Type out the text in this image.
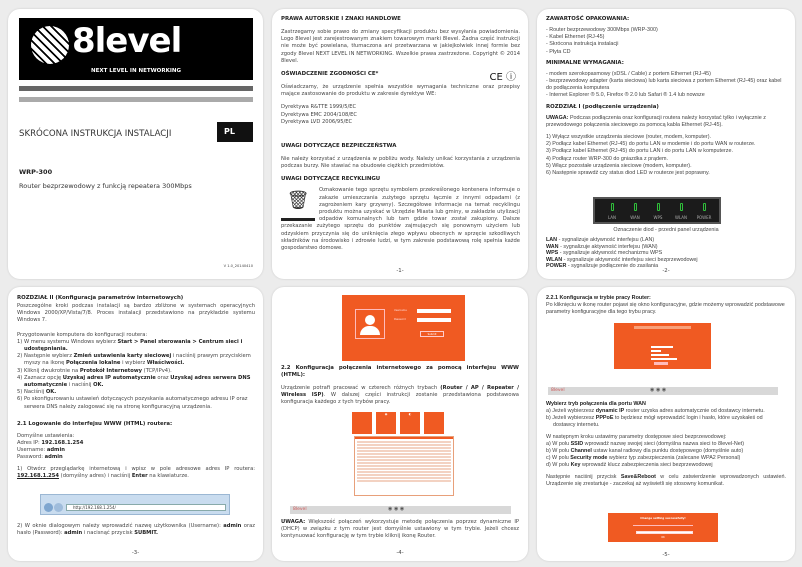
8level
NEXT LEVEL IN NETWORKING
SKRÓCONA INSTRUKCJA INSTALACJI	PL
WRP-300
Router bezprzewodowy z funkcją repeatera 300Mbps
V 1.0_20140410
PRAWA AUTORSKIE I ZNAKI HANDLOWE
Zastrzegamy sobie prawo do zmiany specyfikacji produktu bez wysyłania powiadomienia. Logo 8level jest zarejestrowanym znakiem towarowym marki 8level. Żadna część instrukcji nie może być powielana, tłumaczona ani przetwarzana w jakiejkolwiek innej formie bez zgody 8level NEXT LEVEL IN NETWORKING. Wszelkie prawa zastrzeżone. Copyright © 2014 8level.
OŚWIADCZENIE ZGODNOŚCI CE*	CE ⓘ
Oświadczamy, że urządzenie spełnia wszystkie wymagania techniczne oraz przepisy mające zastosowanie do produktu w zakresie dyrektyw WE:
Dyrektywa R&TTE 1999/5/EC
Dyrektywa EMC 2004/108/EC
Dyrektywa LVD 2006/95/EC
UWAGI DOTYCZĄCE BEZPIECZEŃSTWA
Nie należy korzystać z urządzenia w pobliżu wody. Należy unikać korzystania z urządzenia podczas burzy. Nie stawiać na obudowie ciężkich przedmiotów.
UWAGI DOTYCZĄCE RECYKLINGU
🗑	Oznakowanie tego sprzętu symbolem przekreślonego kontenera informuje o zakazie umieszczania zużytego sprzętu łącznie z innymi odpadami (z zagrożeniem kary grzywny). Szczegółowe informacje na temat recyklingu produktu można uzyskać w Urzędzie Miasta lub gminy, w zakładzie utylizacji odpadów komunalnych lub tam gdzie towar został zakupiony. Dalsze przekazanie zużytego sprzętu do punktów zajmujących się ponownym użyciem lub odzyskiem przyczynia się do uniknięcia złego wpływu obecnych w sprzęcie szkodliwych składników na środowisko i zdrowie ludzi, w tym zakresie podstawową rolę spełnia każde gospodarstwo domowe.
-1-
ZAWARTOŚĆ OPAKOWANIA:
- Router bezprzewodowy 300Mbps (WRP-300)
- Kabel Ethernet (RJ-45)
- Skrócona instrukcja instalacji
- Płyta CD
MINIMALNE WYMAGANIA:
- modem szerokopasmowy (xDSL / Cable) z portem Ethernet (RJ-45)
- bezprzewodowy adapter (karta sieciowa) lub karta sieciowa z portem Ethernet (RJ-45) oraz kabel do podłączenia komputera
- Internet Explorer ® 5.0, Firefox ® 2.0 lub Safari ® 1.4 lub nowsze
ROZDZIAŁ I (podłączenie urządzenia)
UWAGA: Podczas podłączenia oraz konfiguracji routera należy korzystać tylko i wyłącznie z przewodowego połączenia sieciowego za pomocą kabla Ethernet (RJ-45).
1) Wyłącz wszystkie urządzenia sieciowe (router, modem, komputer).
2) Podłącz kabel Ethernet (RJ-45) do portu LAN w modemie i do portu WAN w routerze.
3) Podłącz kabel Ethernet (RJ-45) do portu LAN i do portu LAN w komputerze.
4) Podłącz router WRP-300 do gniazdka z prądem.
5) Włącz pozostałe urządzenia sieciowe (modem, komputer).
6) Następnie sprawdź czy status diod LED w routerze jest poprawny.
LAN	WAN	WPS	WLAN	POWER
Oznaczenie diod - przedni panel urządzenia
LAN - sygnalizuje aktywność interfejsu (LAN)
WAN - sygnalizuje aktywność interfejsu (WAN)
WPS - sygnalizuje aktywność mechanizmu WPS
WLAN - sygnalizuje aktywność interfejsu sieci bezprzewodowej
POWER - sygnalizuje podłączenie do zasilania
-2-
ROZDZIAŁ II (Konfiguracja parametrów internetowych)
Poszczególne kroki podczas instalacji są bardzo zbliżone w systemach operacyjnych Windows 2000/XP/Vista/7/8. Proces instalacji przedstawiono na przykładzie systemu Windows 7.
Przygotowanie komputera do konfiguracji routera:
1) W menu systemu Windows wybierz Start > Panel sterowania > Centrum sieci i udostępniania.
2) Następnie wybierz Zmień ustawienia karty sieciowej i naciśnij prawym przyciskiem myszy na ikonę Połączenia lokalne i wybierz Właściwości.
3) Kliknij dwukrotnie na Protokół Internetowy (TCP/IPv4).
4) Zaznacz opcję Uzyskaj adres IP automatycznie oraz Uzyskaj adres serwera DNS automatycznie i naciśnij OK.
5) Naciśnij OK.
6) Po skonfigurowaniu ustawień dotyczących pozyskania automatycznego adresu IP oraz serwera DNS należy zalogować się na stronę konfiguracyjną urządzenia.
2.1 Logowanie do interfejsu WWW (HTML) routera:
Domyślne ustawienia:
Adres IP: 192.168.1.254
Username: admin
Password: admin
1) Otwórz przeglądarkę internetową i wpisz w pole adresowe adres IP routera: 192.168.1.254 (domyślny adres) i naciśnij Enter na klawiaturze.
http://192.168.1.254/
2) W oknie dialogowym należy wprowadzić nazwę użytkownika (Username): admin oraz hasło (Password): admin i nacisnąć przycisk SUBMIT.
-3-
Username
Password
Submit
2.2 Konfiguracja połączenia internetowego za pomocą interfejsu WWW (HTML):
Urządzenie potrafi pracować w czterech różnych trybach (Router / AP / Repeater / Wireless ISP). W dalszej części instrukcji zostanie przedstawiona podstawowa konfiguracja każdego z tych trybów pracy.
◉	◐
8level	◉ ◉ ◉
UWAGA: Większość połączeń wykorzystuje metodę połączenia poprzez dynamiczne IP (DHCP) w związku z tym router jest domyślnie ustawiony w tym trybie. Jeżeli chcesz kontynuować konfigurację w tym trybie kliknij ikonę Router.
-4-
2.2.1 Konfiguracja w trybie pracy Router:
Po kliknięciu w ikonę router pojawi się okno konfiguracyjne, gdzie możemy wprowadzić podstawowe parametry konfiguracyjne dla tego trybu pracy.
8level	◉ ◉ ◉
Wybierz tryb połączenia dla portu WAN
a) Jeżeli wybierzesz dynamic IP router uzyska adres automatycznie od dostawcy internetu.
b) Jeżeli wybierzesz PPPoE to będziesz mógł wprowadzić login i hasło, które uzyskałeś od dostawcy internetu.
W następnym kroku ustawimy parametry dostępowe sieci bezprzewodowej:
a) W polu SSID wprowadź nazwę swojej sieci (domyślna nazwa sieci to 8level-Net)
b) W polu Channel ustaw kanał radiowy dla punktu dostępowego (domyślnie auto)
c) W polu Security mode wybierz typ zabezpieczenia (zalecane WPA2 Personal)
d) W polu Key wprowadź klucz zabezpieczenia sieci bezprzewodowej
Następnie naciśnij przycisk Save&Reboot w celu zatwierdzenie wprowadzonych ustawień. Urządzenie się zrestartuje - zaczekaj aż wyświetli się stosowny komunikat.
Change setting successfully!
OK
-5-
